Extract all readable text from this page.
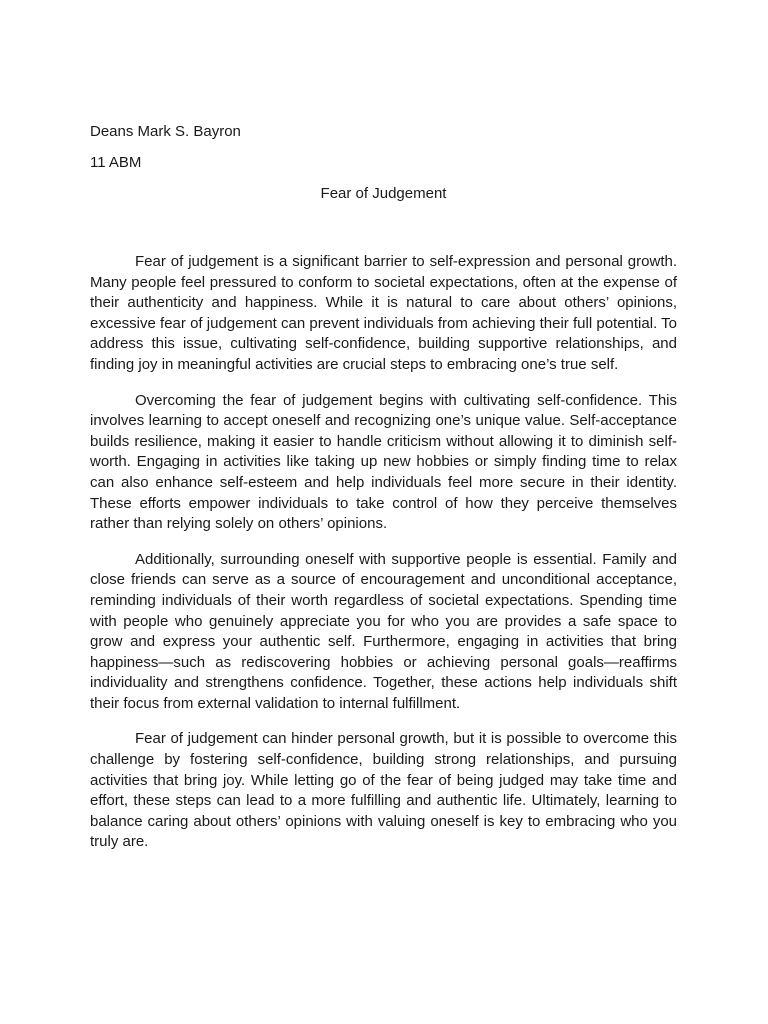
Deans Mark S. Bayron
11 ABM
Fear of Judgement

Fear of judgement is a significant barrier to self-expression and personal growth. Many people feel pressured to conform to societal expectations, often at the expense of their authenticity and happiness. While it is natural to care about others’ opinions, excessive fear of judgement can prevent individuals from achieving their full potential. To address this issue, cultivating self-confidence, building supportive relationships, and finding joy in meaningful activities are crucial steps to embracing one’s true self.

Overcoming the fear of judgement begins with cultivating self-confidence. This involves learning to accept oneself and recognizing one’s unique value. Self-acceptance builds resilience, making it easier to handle criticism without allowing it to diminish self-worth. Engaging in activities like taking up new hobbies or simply finding time to relax can also enhance self-esteem and help individuals feel more secure in their identity. These efforts empower individuals to take control of how they perceive themselves rather than relying solely on others’ opinions.

Additionally, surrounding oneself with supportive people is essential. Family and close friends can serve as a source of encouragement and unconditional acceptance, reminding individuals of their worth regardless of societal expectations. Spending time with people who genuinely appreciate you for who you are provides a safe space to grow and express your authentic self. Furthermore, engaging in activities that bring happiness—such as rediscovering hobbies or achieving personal goals—reaffirms individuality and strengthens confidence. Together, these actions help individuals shift their focus from external validation to internal fulfillment.

Fear of judgement can hinder personal growth, but it is possible to overcome this challenge by fostering self-confidence, building strong relationships, and pursuing activities that bring joy. While letting go of the fear of being judged may take time and effort, these steps can lead to a more fulfilling and authentic life. Ultimately, learning to balance caring about others’ opinions with valuing oneself is key to embracing who you truly are.
